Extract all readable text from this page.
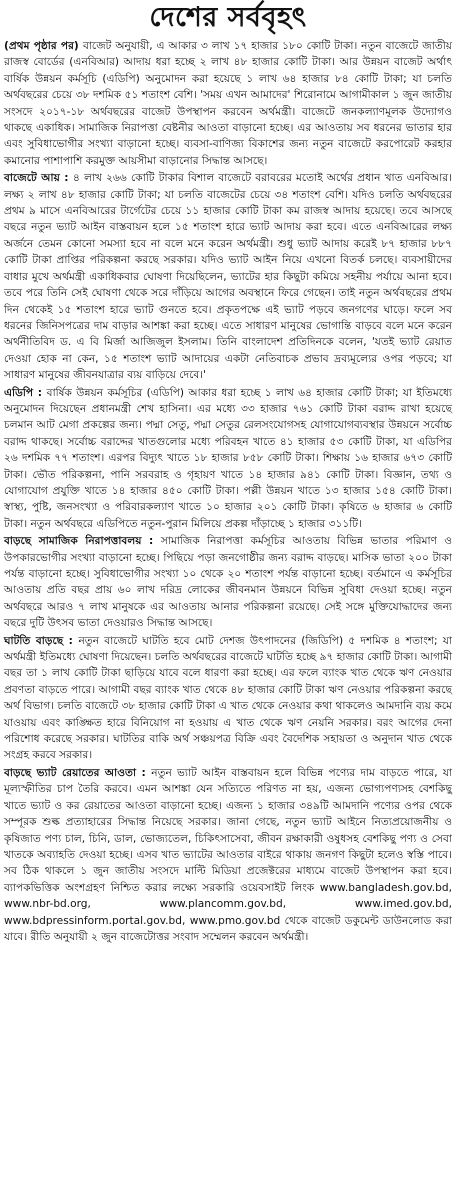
দেশের সর্ববৃহৎ

(প্রথম পৃষ্ঠার পর) বাজেট অনুযায়ী, এ আকার ৩ লাখ ১৭ হাজার ১৮০ কোটি টাকা। নতুন বাজেটে জাতীয় রাজস্ব বোর্ডের (এনবিআর) আদায় ধরা হচ্ছে ২ লাখ ৪৮ হাজার কোটি টাকা। আর উন্নয়ন বাজেট অর্থাৎ বার্ষিক উন্নয়ন কর্মসূচি (এডিপি) অনুমোদন করা হয়েছে ১ লাখ ৬৪ হাজার ৮৪ কোটি টাকা; যা চলতি অর্থবছরের চেয়ে ৩৮ দশমিক ৫১ শতাংশ বেশি। 'সময় এখন আমাদের' শিরোনামে আগামীকাল ১ জুন জাতীয় সংসদে ২০১৭-১৮ অর্থবছরের বাজেট উপস্থাপন করবেন অর্থমন্ত্রী। বাজেটে জনকল্যাণমূলক উদ্যোগও থাকছে একাধিক। সামাজিক নিরাপত্তা বেষ্টনীর আওতা বাড়ানো হচ্ছে। এর আওতায় সব ধরনের ভাতার হার এবং সুবিধাভোগীর সংখ্যা বাড়ানো হচ্ছে। ব্যবসা-বাণিজ্য বিকাশের জন্য নতুন বাজেটে করপোরেট করহার কমানোর পাশাপাশি করমুক্ত আয়সীমা বাড়ানোর সিদ্ধান্ত আসছে।

বাজেটে আয় : ৪ লাখ ২৬৬ কোটি টাকার বিশাল বাজেটে বরাবরের মতোই অর্থের প্রধান খাত এনবিআর। লক্ষ্য ২ লাখ ৪৮ হাজার কোটি টাকা; যা চলতি বাজেটের চেয়ে ৩৪ শতাংশ বেশি। যদিও চলতি অর্থবছরের প্রথম ৯ মাসে এনবিআরের টার্গেটের চেয়ে ১১ হাজার কোটি টাকা কম রাজস্ব আদায় হয়েছে। তবে আসছে বছরে নতুন ভ্যাট আইন বাস্তবায়ন হলে ১৫ শতাংশ হারে ভ্যাট আদায় করা হবে। এতে এনবিআরের লক্ষ্য অর্জনে তেমন কোনো সমস্যা হবে না বলে মনে করেন অর্থমন্ত্রী। শুধু ভ্যাট আদায় করেই ৮৭ হাজার ৮৮৭ কোটি টাকা প্রাপ্তির পরিকল্পনা করছে সরকার। যদিও ভ্যাট আইন নিয়ে এখনো বিতর্ক চলছে। ব্যবসায়ীদের বাধার মুখে অর্থমন্ত্রী একাধিকবার ঘোষণা দিয়েছিলেন, ভ্যাটের হার কিছুটা কমিয়ে সহনীয় পর্যায়ে আনা হবে। তবে পরে তিনি সেই ঘোষণা থেকে সরে দাঁড়িয়ে আগের অবস্থানে ফিরে গেছেন। তাই নতুন অর্থবছরের প্রথম দিন থেকেই ১৫ শতাংশ হারে ভ্যাট গুনতে হবে। প্রকৃতপক্ষে এই ভ্যাট পড়বে জনগণের ঘাড়ে। ফলে সব ধরনের জিনিসপত্রের দাম বাড়ার আশঙ্কা করা হচ্ছে। এতে সাধারণ মানুষের ভোগান্তি বাড়বে বলে মনে করেন অর্থনীতিবিদ ড. এ বি মির্জা আজিজুল ইসলাম। তিনি বাংলাদেশ প্রতিদিনকে বলেন, 'যতই ভ্যাট রেয়াত দেওয়া হোক না কেন, ১৫ শতাংশ ভ্যাট আদায়ের একটা নেতিবাচক প্রভাব দ্রব্যমূল্যের ওপর পড়বে; যা সাধারণ মানুষের জীবনযাত্রার ব্যয় বাড়িয়ে দেবে।'

এডিপি : বার্ষিক উন্নয়ন কর্মসূচির (এডিপি) আকার ধরা হচ্ছে ১ লাখ ৬৪ হাজার কোটি টাকা; যা ইতিমধ্যে অনুমোদন দিয়েছেন প্রধানমন্ত্রী শেখ হাসিনা। এর মধ্যে ৩৩ হাজার ৭৬১ কোটি টাকা বরাদ্দ রাখা হয়েছে চলমান আট মেগা প্রকল্পের জন্য। পদ্মা সেতু, পদ্মা সেতুর রেলসংযোগসহ যোগাযোগব্যবস্থার উন্নয়নে সর্বোচ্চ বরাদ্দ থাকছে। সর্বোচ্চ বরাদ্দের খাতগুলোর মধ্যে পরিবহন খাতে ৪১ হাজার ৫৩ কোটি টাকা, যা এডিপির ২৬ দশমিক ৭৭ শতাংশ। এরপর বিদ্যুৎ খাতে ১৮ হাজার ৮৫৮ কোটি টাকা। শিক্ষায় ১৬ হাজার ৬৭৩ কোটি টাকা। ভৌত পরিকল্পনা, পানি সরবরাহ ও গৃহায়ণ খাতে ১৪ হাজার ৯৪১ কোটি টাকা। বিজ্ঞান, তথ্য ও যোগাযোগ প্রযুক্তি খাতে ১৪ হাজার ৪৫০ কোটি টাকা। পল্লী উন্নয়ন খাতে ১৩ হাজার ১৫৪ কোটি টাকা। স্বাস্থ্য, পুষ্টি, জনসংখ্যা ও পরিবারকল্যাণ খাতে ১০ হাজার ২০১ কোটি টাকা। কৃষিতে ৬ হাজার ৬ কোটি টাকা। নতুন অর্থবছরে এডিপিতে নতুন-পুরান মিলিয়ে প্রকল্প দাঁড়াচ্ছে ১ হাজার ৩১১টি।

বাড়ছে সামাজিক নিরাপত্তাবলয় : সামাজিক নিরাপত্তা কর্মসূচির আওতায় বিভিন্ন ভাতার পরিমাণ ও উপকারভোগীর সংখ্যা বাড়ানো হচ্ছে। পিছিয়ে পড়া জনগোষ্ঠীর জন্য বরাদ্দ বাড়ছে। মাসিক ভাতা ২০০ টাকা পর্যন্ত বাড়ানো হচ্ছে। সুবিধাভোগীর সংখ্যা ১০ থেকে ২০ শতাংশ পর্যন্ত বাড়ানো হচ্ছে। বর্তমানে এ কর্মসূচির আওতায় প্রতি বছর প্রায় ৬০ লাখ দরিদ্র লোকের জীবনমান উন্নয়নে বিভিন্ন সুবিধা দেওয়া হচ্ছে। নতুন অর্থবছরে আরও ৭ লাখ মানুষকে এর আওতায় আনার পরিকল্পনা রয়েছে। সেই সঙ্গে মুক্তিযোদ্ধাদের জন্য বছরে দুটি উৎসব ভাতা দেওয়ারও সিদ্ধান্ত আসছে।

ঘাটতি বাড়ছে : নতুন বাজেটে ঘাটতি হবে মোট দেশজ উৎপাদনের (জিডিপি) ৫ দশমিক ৪ শতাংশ; যা অর্থমন্ত্রী ইতিমধ্যে ঘোষণা দিয়েছেন। চলতি অর্থবছরের বাজেটে ঘাটতি হচ্ছে ৯৭ হাজার কোটি টাকা। আগামী বছর তা ১ লাখ কোটি টাকা ছাড়িয়ে যাবে বলে ধারণা করা হচ্ছে। এর ফলে ব্যাংক খাত থেকে ঋণ নেওয়ার প্রবণতা বাড়তে পারে। আগামী বছর ব্যাংক খাত থেকে ৪৮ হাজার কোটি টাকা ঋণ নেওয়ার পরিকল্পনা করছে অর্থ বিভাগ। চলতি বাজেটে ৩৮ হাজার কোটি টাকা এ খাত থেকে নেওয়ার কথা থাকলেও আমদানি ব্যয় কমে যাওয়ায় এবং কাঙ্ক্ষিত হারে বিনিয়োগ না হওয়ায় এ খাত থেকে ঋণ নেয়নি সরকার। বরং আগের দেনা পরিশোধ করেছে সরকার। ঘাটতির বাকি অর্থ সঞ্চয়পত্র বিক্রি এবং বৈদেশিক সহায়তা ও অনুদান খাত থেকে সংগ্রহ করবে সরকার।

বাড়ছে ভ্যাট রেয়াতের আওতা : নতুন ভ্যাট আইন বাস্তবায়ন হলে বিভিন্ন পণ্যের দাম বাড়তে পারে, যা মূল্যস্ফীতির চাপ তৈরি করবে। এমন আশঙ্কা যেন সত্যিতে পরিণত না হয়, এজন্য ভোগ্যপণ্যসহ বেশকিছু খাতে ভ্যাট ও কর রেয়াতের আওতা বাড়ানো হচ্ছে। এজন্য ১ হাজার ৩৪৯টি আমদানি পণ্যের ওপর থেকে সম্পূরক শুল্ক প্রত্যাহারের সিদ্ধান্ত নিয়েছে সরকার। জানা গেছে, নতুন ভ্যাট আইনে নিত্যপ্রয়োজনীয় ও কৃষিজাত পণ্য চাল, চিনি, ডাল, ভোজ্যতেল, চিকিৎসাসেবা, জীবন রক্ষাকারী ওষুধসহ বেশকিছু পণ্য ও সেবা খাতকে অব্যাহতি দেওয়া হচ্ছে। এসব খাত ভ্যাটের আওতার বাইরে থাকায় জনগণ কিছুটা হলেও স্বস্তি পাবে। সব ঠিক থাকলে ১ জুন জাতীয় সংসদে মাল্টি মিডিয়া প্রজেক্টরের মাধ্যমে বাজেট উপস্থাপন করা হবে। ব্যাপকভিত্তিক অংশগ্রহণ নিশ্চিত করার লক্ষ্যে সরকারি ওয়েবসাইট লিংক www.bangladesh.gov.bd, www.nbr-bd.org, www.plancomm.gov.bd, www.imed.gov.bd, www.bdpressinform.portal.gov.bd, www.pmo.gov.bd থেকে বাজেট ডকুমেন্ট ডাউনলোড করা যাবে। রীতি অনুযায়ী ২ জুন বাজেটোত্তর সংবাদ সম্মেলন করবেন অর্থমন্ত্রী।
